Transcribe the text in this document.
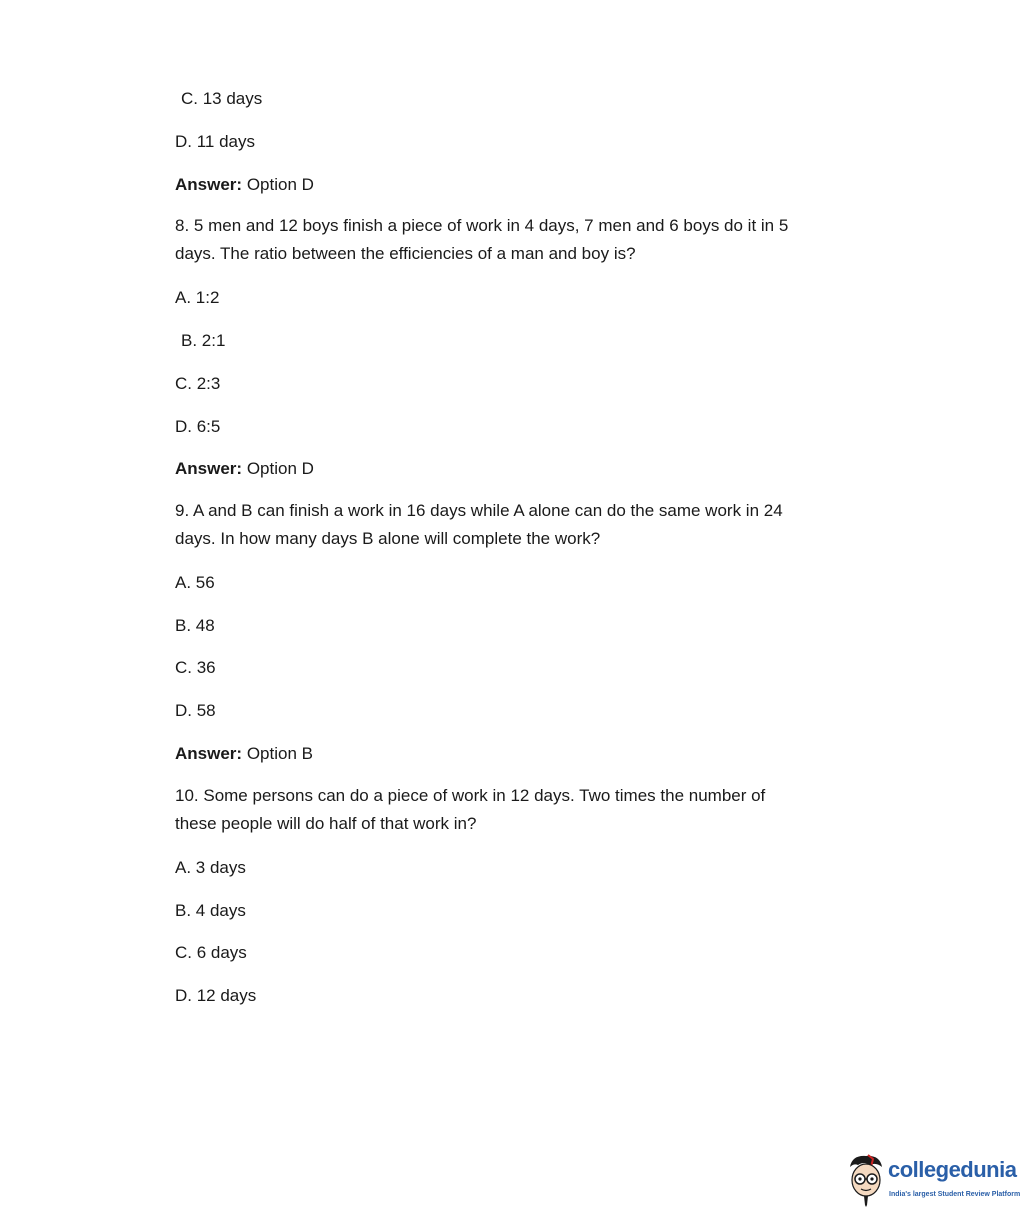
C. 13 days
D. 11 days
Answer: Option D
8. 5 men and 12 boys finish a piece of work in 4 days, 7 men and 6 boys do it in 5
days. The ratio between the efficiencies of a man and boy is?
A. 1:2
B. 2:1
C. 2:3
D. 6:5
Answer: Option D
9. A and B can finish a work in 16 days while A alone can do the same work in 24
days. In how many days B alone will complete the work?
A. 56
B. 48
C. 36
D. 58
Answer: Option B
10. Some persons can do a piece of work in 12 days. Two times the number of
these people will do half of that work in?
A. 3 days
B. 4 days
C. 6 days
D. 12 days
collegedunia
India's largest Student Review Platform
